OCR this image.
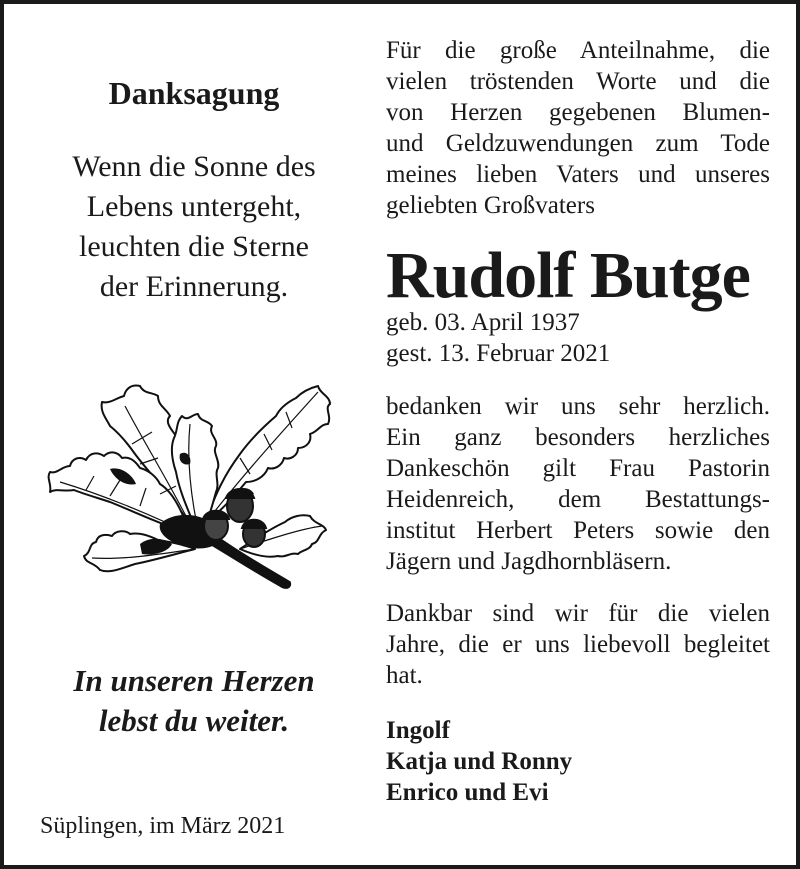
Danksagung
Wenn die Sonne des
Lebens untergeht,
leuchten die Sterne
der Erinnerung.
In unseren Herzen
lebst du weiter.
Süplingen, im März 2021
Für die große Anteilnahme, die
vielen tröstenden Worte und die
von Herzen gegebenen Blumen-
und Geldzuwendungen zum Tode
meines lieben Vaters und unseres
geliebten Großvaters
Rudolf Butge
geb. 03. April 1937
gest. 13. Februar 2021
bedanken wir uns sehr herzlich.
Ein ganz besonders herzliches
Dankeschön gilt Frau Pastorin
Heidenreich, dem Bestattungs-
institut Herbert Peters sowie den
Jägern und Jagdhornbläsern.
Dankbar sind wir für die vielen
Jahre, die er uns liebevoll begleitet
hat.
Ingolf
Katja und Ronny
Enrico und Evi
